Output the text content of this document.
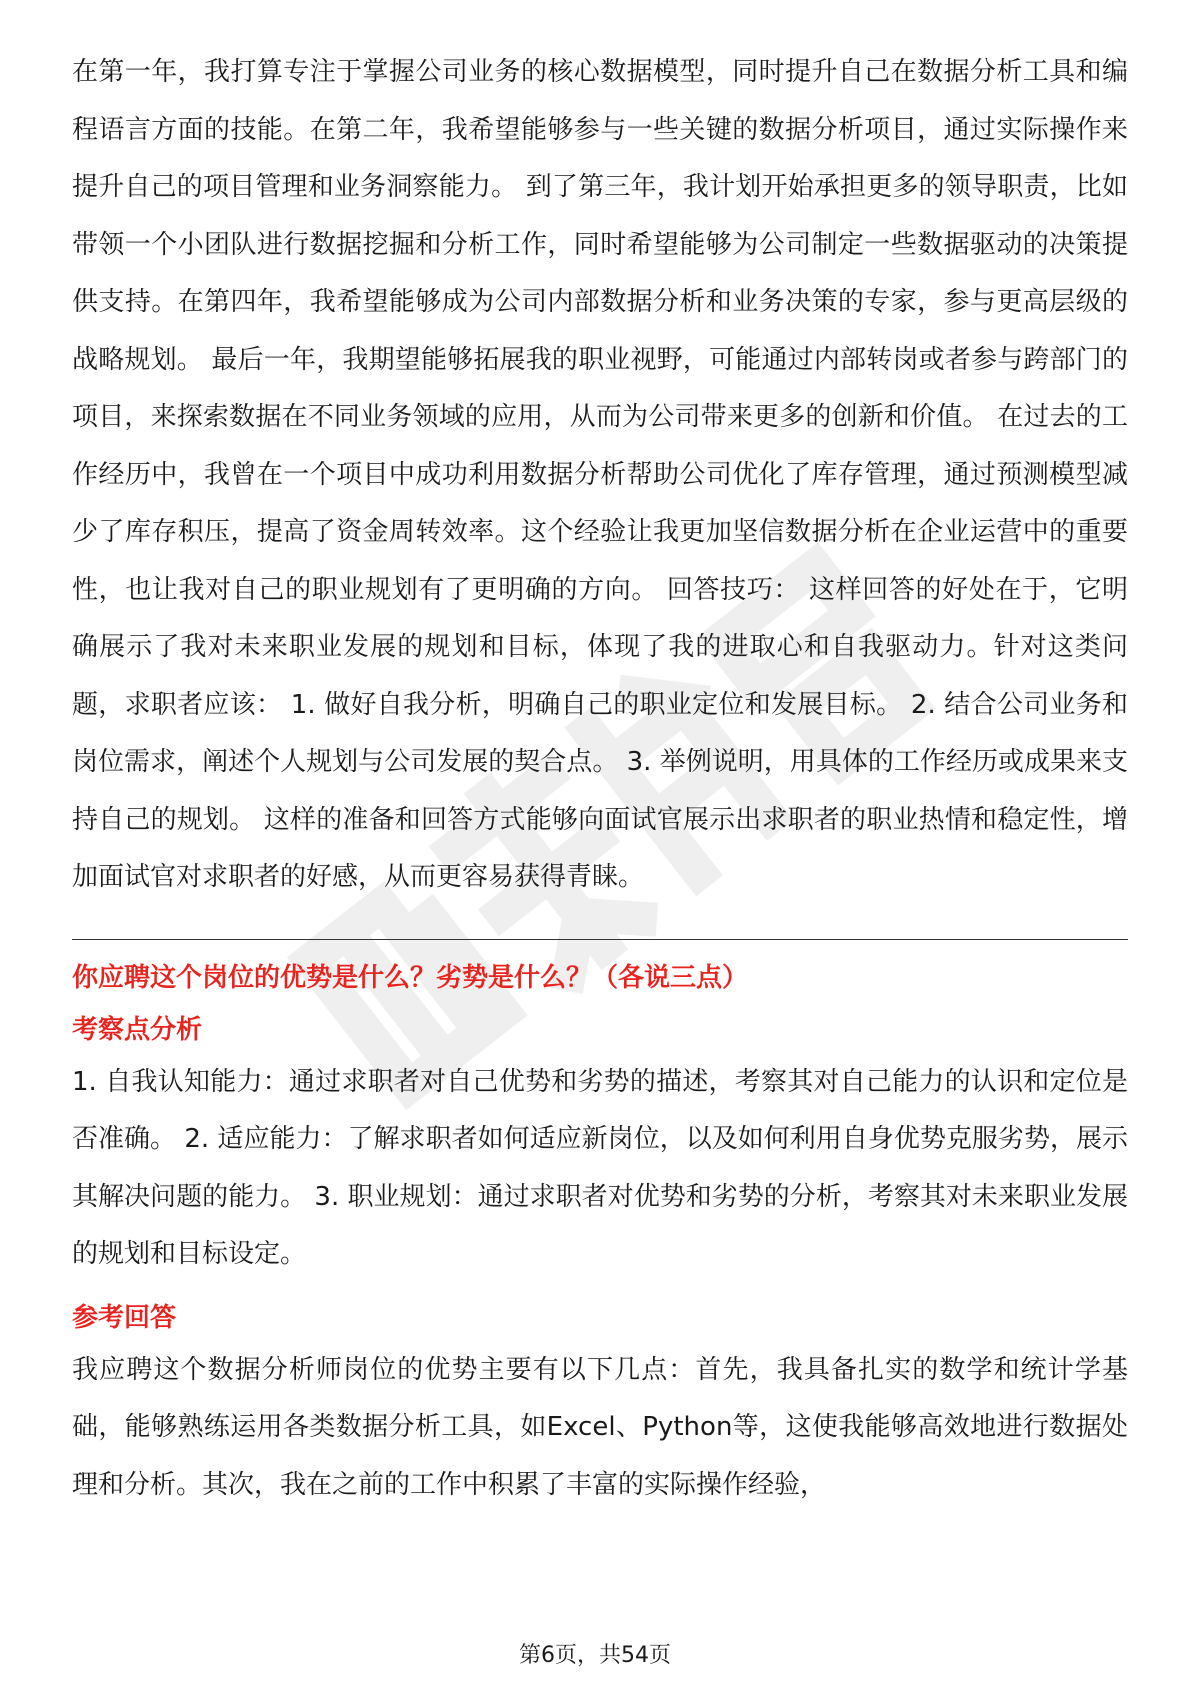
在第一年，我打算专注于掌握公司业务的核心数据模型，同时提升自己在数据分析工具和编程语言方面的技能。在第二年，我希望能够参与一些关键的数据分析项目，通过实际操作来提升自己的项目管理和业务洞察能力。 到了第三年，我计划开始承担更多的领导职责，比如带领一个小团队进行数据挖掘和分析工作，同时希望能够为公司制定一些数据驱动的决策提供支持。在第四年，我希望能够成为公司内部数据分析和业务决策的专家，参与更高层级的战略规划。 最后一年，我期望能够拓展我的职业视野，可能通过内部转岗或者参与跨部门的项目，来探索数据在不同业务领域的应用，从而为公司带来更多的创新和价值。 在过去的工作经历中，我曾在一个项目中成功利用数据分析帮助公司优化了库存管理，通过预测模型减少了库存积压，提高了资金周转效率。这个经验让我更加坚信数据分析在企业运营中的重要性，也让我对自己的职业规划有了更明确的方向。 回答技巧： 这样回答的好处在于，它明确展示了我对未来职业发展的规划和目标，体现了我的进取心和自我驱动力。针对这类问题，求职者应该： 1. 做好自我分析，明确自己的职业定位和发展目标。 2. 结合公司业务和岗位需求，阐述个人规划与公司发展的契合点。 3. 举例说明，用具体的工作经历或成果来支持自己的规划。 这样的准备和回答方式能够向面试官展示出求职者的职业热情和稳定性，增加面试官对求职者的好感，从而更容易获得青睐。

你应聘这个岗位的优势是什么？劣势是什么？（各说三点）

考察点分析

1. 自我认知能力：通过求职者对自己优势和劣势的描述，考察其对自己能力的认识和定位是否准确。 2. 适应能力：了解求职者如何适应新岗位，以及如何利用自身优势克服劣势，展示其解决问题的能力。 3. 职业规划：通过求职者对优势和劣势的分析，考察其对未来职业发展的规划和目标设定。

参考回答

我应聘这个数据分析师岗位的优势主要有以下几点：首先，我具备扎实的数学和统计学基础，能够熟练运用各类数据分析工具，如Excel、Python等，这使我能够高效地进行数据处理和分析。其次，我在之前的工作中积累了丰富的实际操作经验，

第6页，共54页
